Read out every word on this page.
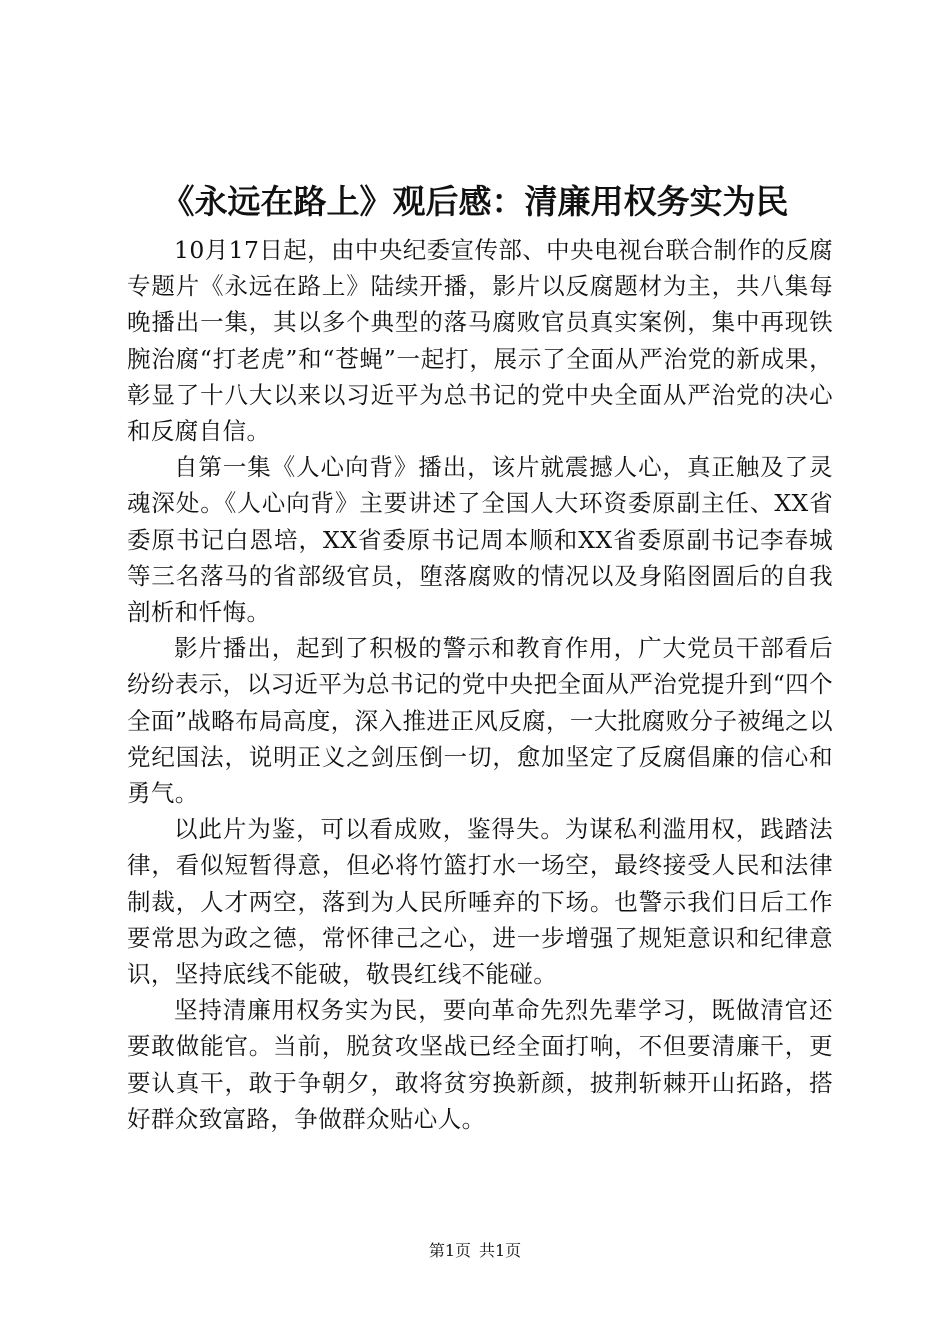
《永远在路上》观后感：清廉用权务实为民

10月17日起，由中央纪委宣传部、中央电视台联合制作的反腐专题片《永远在路上》陆续开播，影片以反腐题材为主，共八集每晚播出一集，其以多个典型的落马腐败官员真实案例，集中再现铁腕治腐“打老虎”和“苍蝇”一起打，展示了全面从严治党的新成果，彰显了十八大以来以习近平为总书记的党中央全面从严治党的决心和反腐自信。

自第一集《人心向背》播出，该片就震撼人心，真正触及了灵魂深处。《人心向背》主要讲述了全国人大环资委原副主任、XX省委原书记白恩培，XX省委原书记周本顺和XX省委原副书记李春城等三名落马的省部级官员，堕落腐败的情况以及身陷囹圄后的自我剖析和忏悔。

影片播出，起到了积极的警示和教育作用，广大党员干部看后纷纷表示，以习近平为总书记的党中央把全面从严治党提升到“四个全面”战略布局高度，深入推进正风反腐，一大批腐败分子被绳之以党纪国法，说明正义之剑压倒一切，愈加坚定了反腐倡廉的信心和勇气。

以此片为鉴，可以看成败，鉴得失。为谋私利滥用权，践踏法律，看似短暂得意，但必将竹篮打水一场空，最终接受人民和法律制裁，人才两空，落到为人民所唾弃的下场。也警示我们日后工作要常思为政之德，常怀律己之心，进一步增强了规矩意识和纪律意识，坚持底线不能破，敬畏红线不能碰。

坚持清廉用权务实为民，要向革命先烈先辈学习，既做清官还要敢做能官。当前，脱贫攻坚战已经全面打响，不但要清廉干，更要认真干，敢于争朝夕，敢将贫穷换新颜，披荆斩棘开山拓路，搭好群众致富路，争做群众贴心人。

第1页 共1页
